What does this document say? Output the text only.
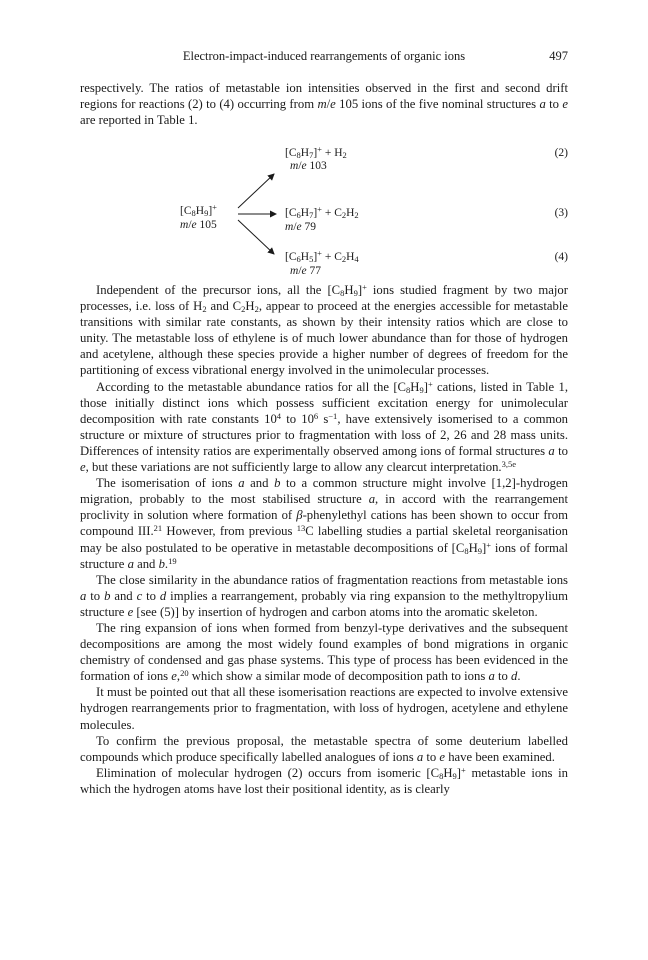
Electron-impact-induced rearrangements of organic ions	497

respectively. The ratios of metastable ion intensities observed in the first and second drift regions for reactions (2) to (4) occurring from m/e 105 ions of the five nominal structures a to e are reported in Table 1.

$[C_8H_9]^+$
m/e 105
$[C_8H_7]^+ + H_2$
m/e 103
(2)
$[C_6H_7]^+ + C_2H_2$
m/e 79
(3)
$[C_6H_5]^+ + C_2H_4$
m/e 77
(4)

Independent of the precursor ions, all the $[C_8H_9]^+$ ions studied fragment by two major processes, i.e. loss of $H_2$ and $C_2H_2$, appear to proceed at the energies accessible for metastable transitions with similar rate constants, as shown by their intensity ratios which are close to unity. The metastable loss of ethylene is of much lower abundance than for those of hydrogen and acetylene, although these species provide a higher number of degrees of freedom for the partitioning of excess vibrational energy involved in the unimolecular processes.

According to the metastable abundance ratios for all the $[C_8H_9]^+$ cations, listed in Table 1, those initially distinct ions which possess sufficient excitation energy for unimolecular decomposition with rate constants $10^4$ to $10^6$ $s^{-1}$, have extensively isomerised to a common structure or mixture of structures prior to fragmentation with loss of 2, 26 and 28 mass units. Differences of intensity ratios are experimentally observed among ions of formal structures a to e, but these variations are not sufficiently large to allow any clearcut interpretation.$^{3,5e}$

The isomerisation of ions a and b to a common structure might involve [1,2]-hydrogen migration, probably to the most stabilised structure a, in accord with the rearrangement proclivity in solution where formation of β-phenylethyl cations has been shown to occur from compound III.$^{21}$ However, from previous $^{13}$C labelling studies a partial skeletal reorganisation may be also postulated to be operative in metastable decompositions of $[C_8H_9]^+$ ions of formal structure a and b.$^{19}$

The close similarity in the abundance ratios of fragmentation reactions from metastable ions a to b and c to d implies a rearrangement, probably via ring expansion to the methyltropylium structure e [see (5)] by insertion of hydrogen and carbon atoms into the aromatic skeleton.

The ring expansion of ions when formed from benzyl-type derivatives and the subsequent decompositions are among the most widely found examples of bond migrations in organic chemistry of condensed and gas phase systems. This type of process has been evidenced in the formation of ions e,$^{20}$ which show a similar mode of decomposition path to ions a to d.

It must be pointed out that all these isomerisation reactions are expected to involve extensive hydrogen rearrangements prior to fragmentation, with loss of hydrogen, acetylene and ethylene molecules.

To confirm the previous proposal, the metastable spectra of some deuterium labelled compounds which produce specifically labelled analogues of ions a to e have been examined.

Elimination of molecular hydrogen (2) occurs from isomeric $[C_8H_9]^+$ metastable ions in which the hydrogen atoms have lost their positional identity, as is clearly
